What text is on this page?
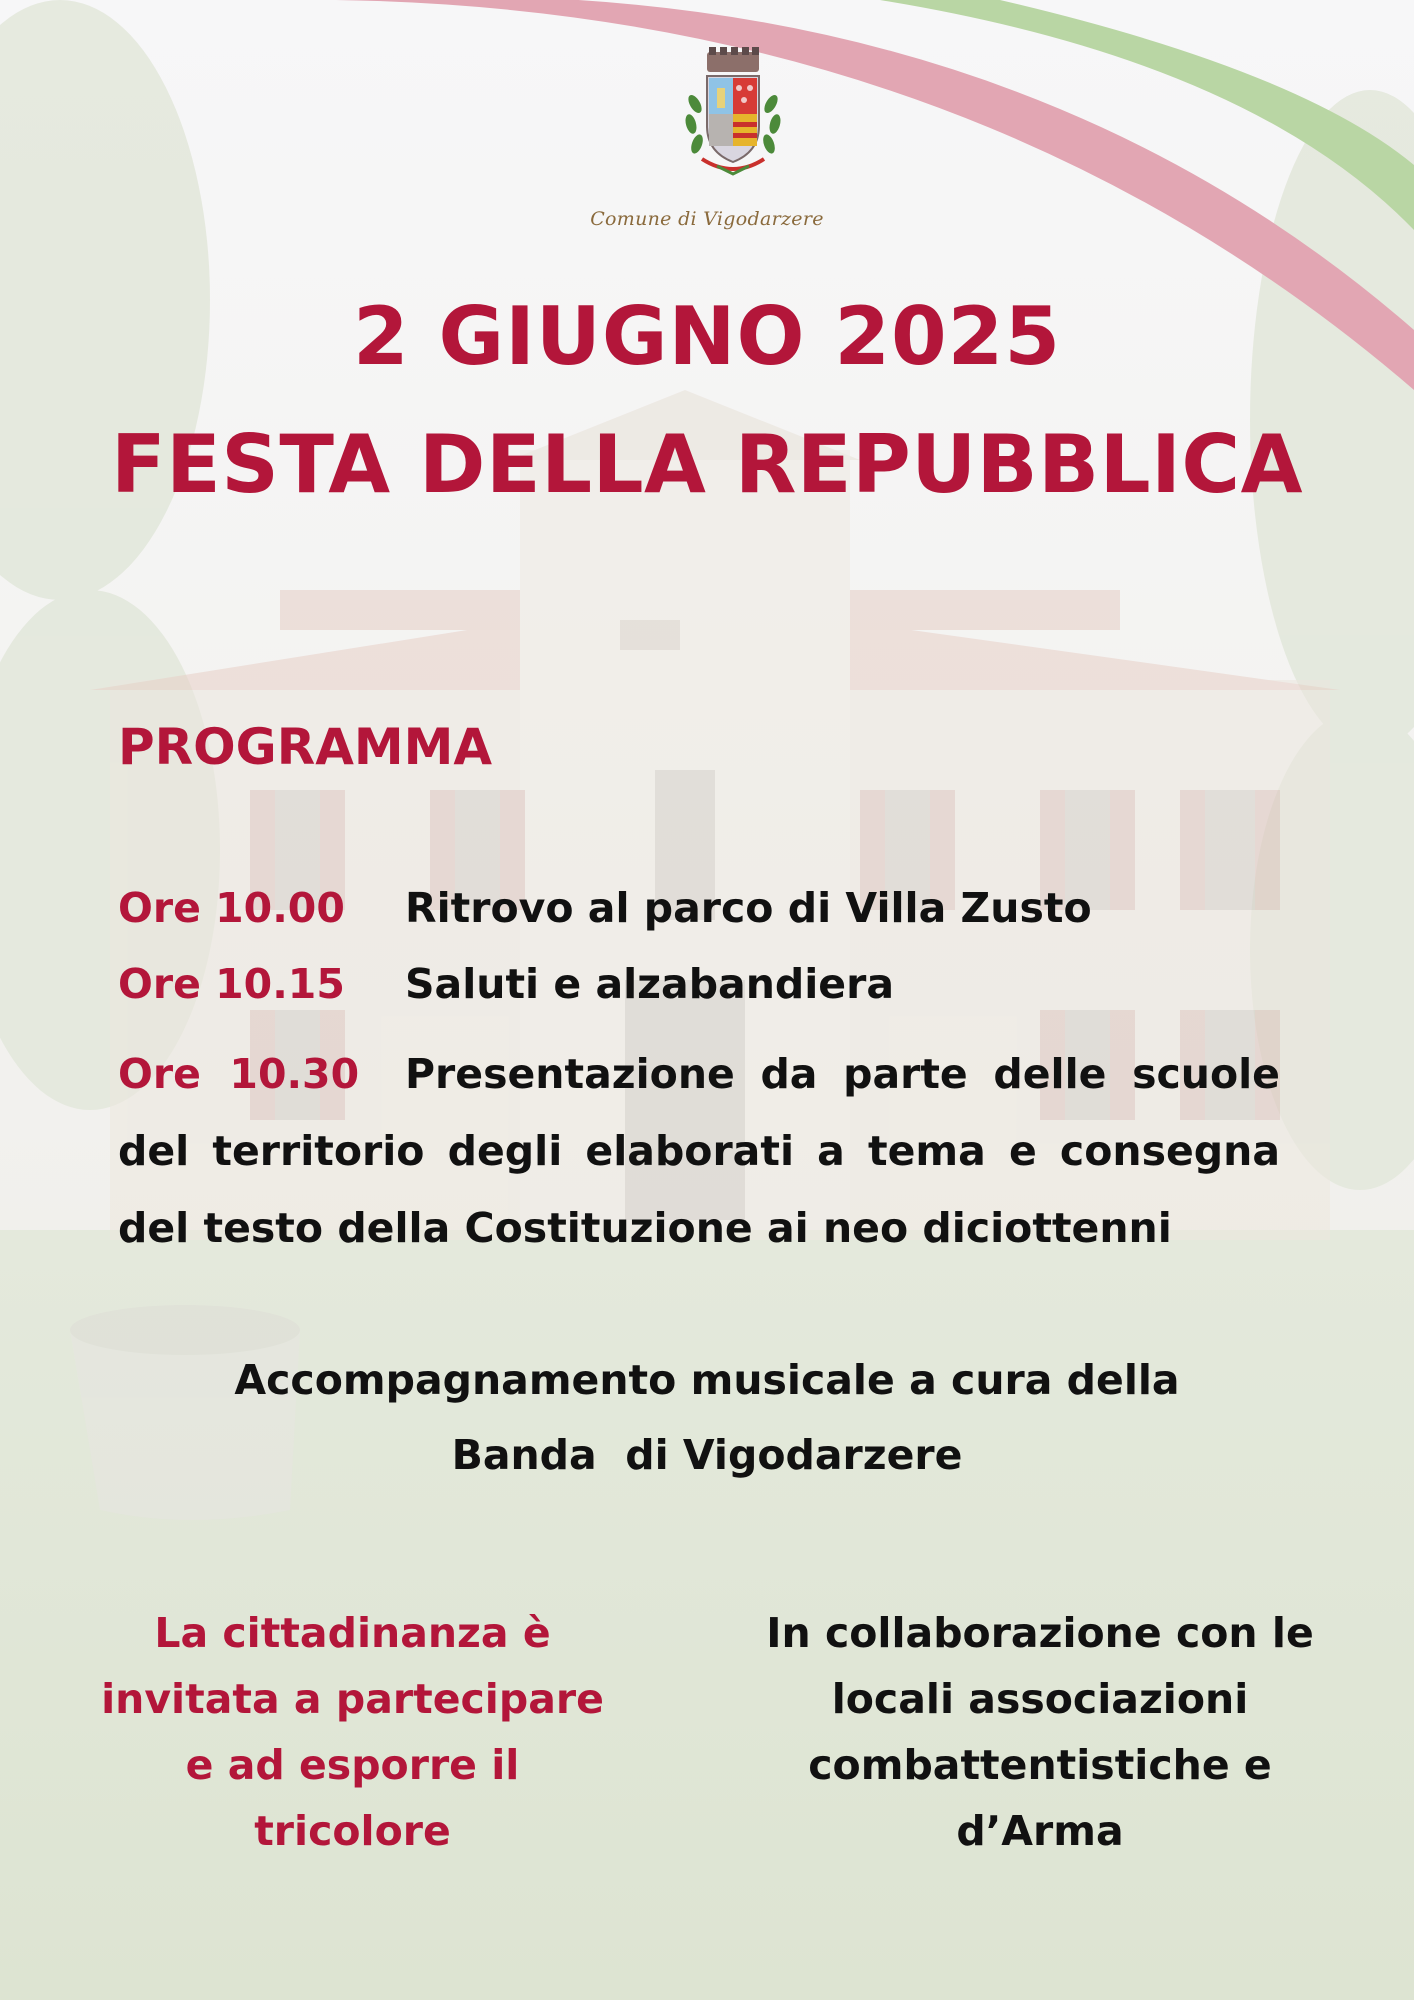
Comune di Vigodarzere
2 GIUGNO 2025
FESTA DELLA REPUBBLICA
PROGRAMMA
Ore 10.00 Ritrovo al parco di Villa Zusto
Ore 10.15 Saluti e alzabandiera
Ore  10.30 Presentazione da parte delle scuole del territorio degli elaborati a tema e consegna del testo della Costituzione ai neo diciottenni
Accompagnamento musicale a cura della
Banda  di Vigodarzere
La cittadinanza è
invitata a partecipare
e ad esporre il
tricolore
In collaborazione con le
locali associazioni
combattentistiche e
d’Arma
